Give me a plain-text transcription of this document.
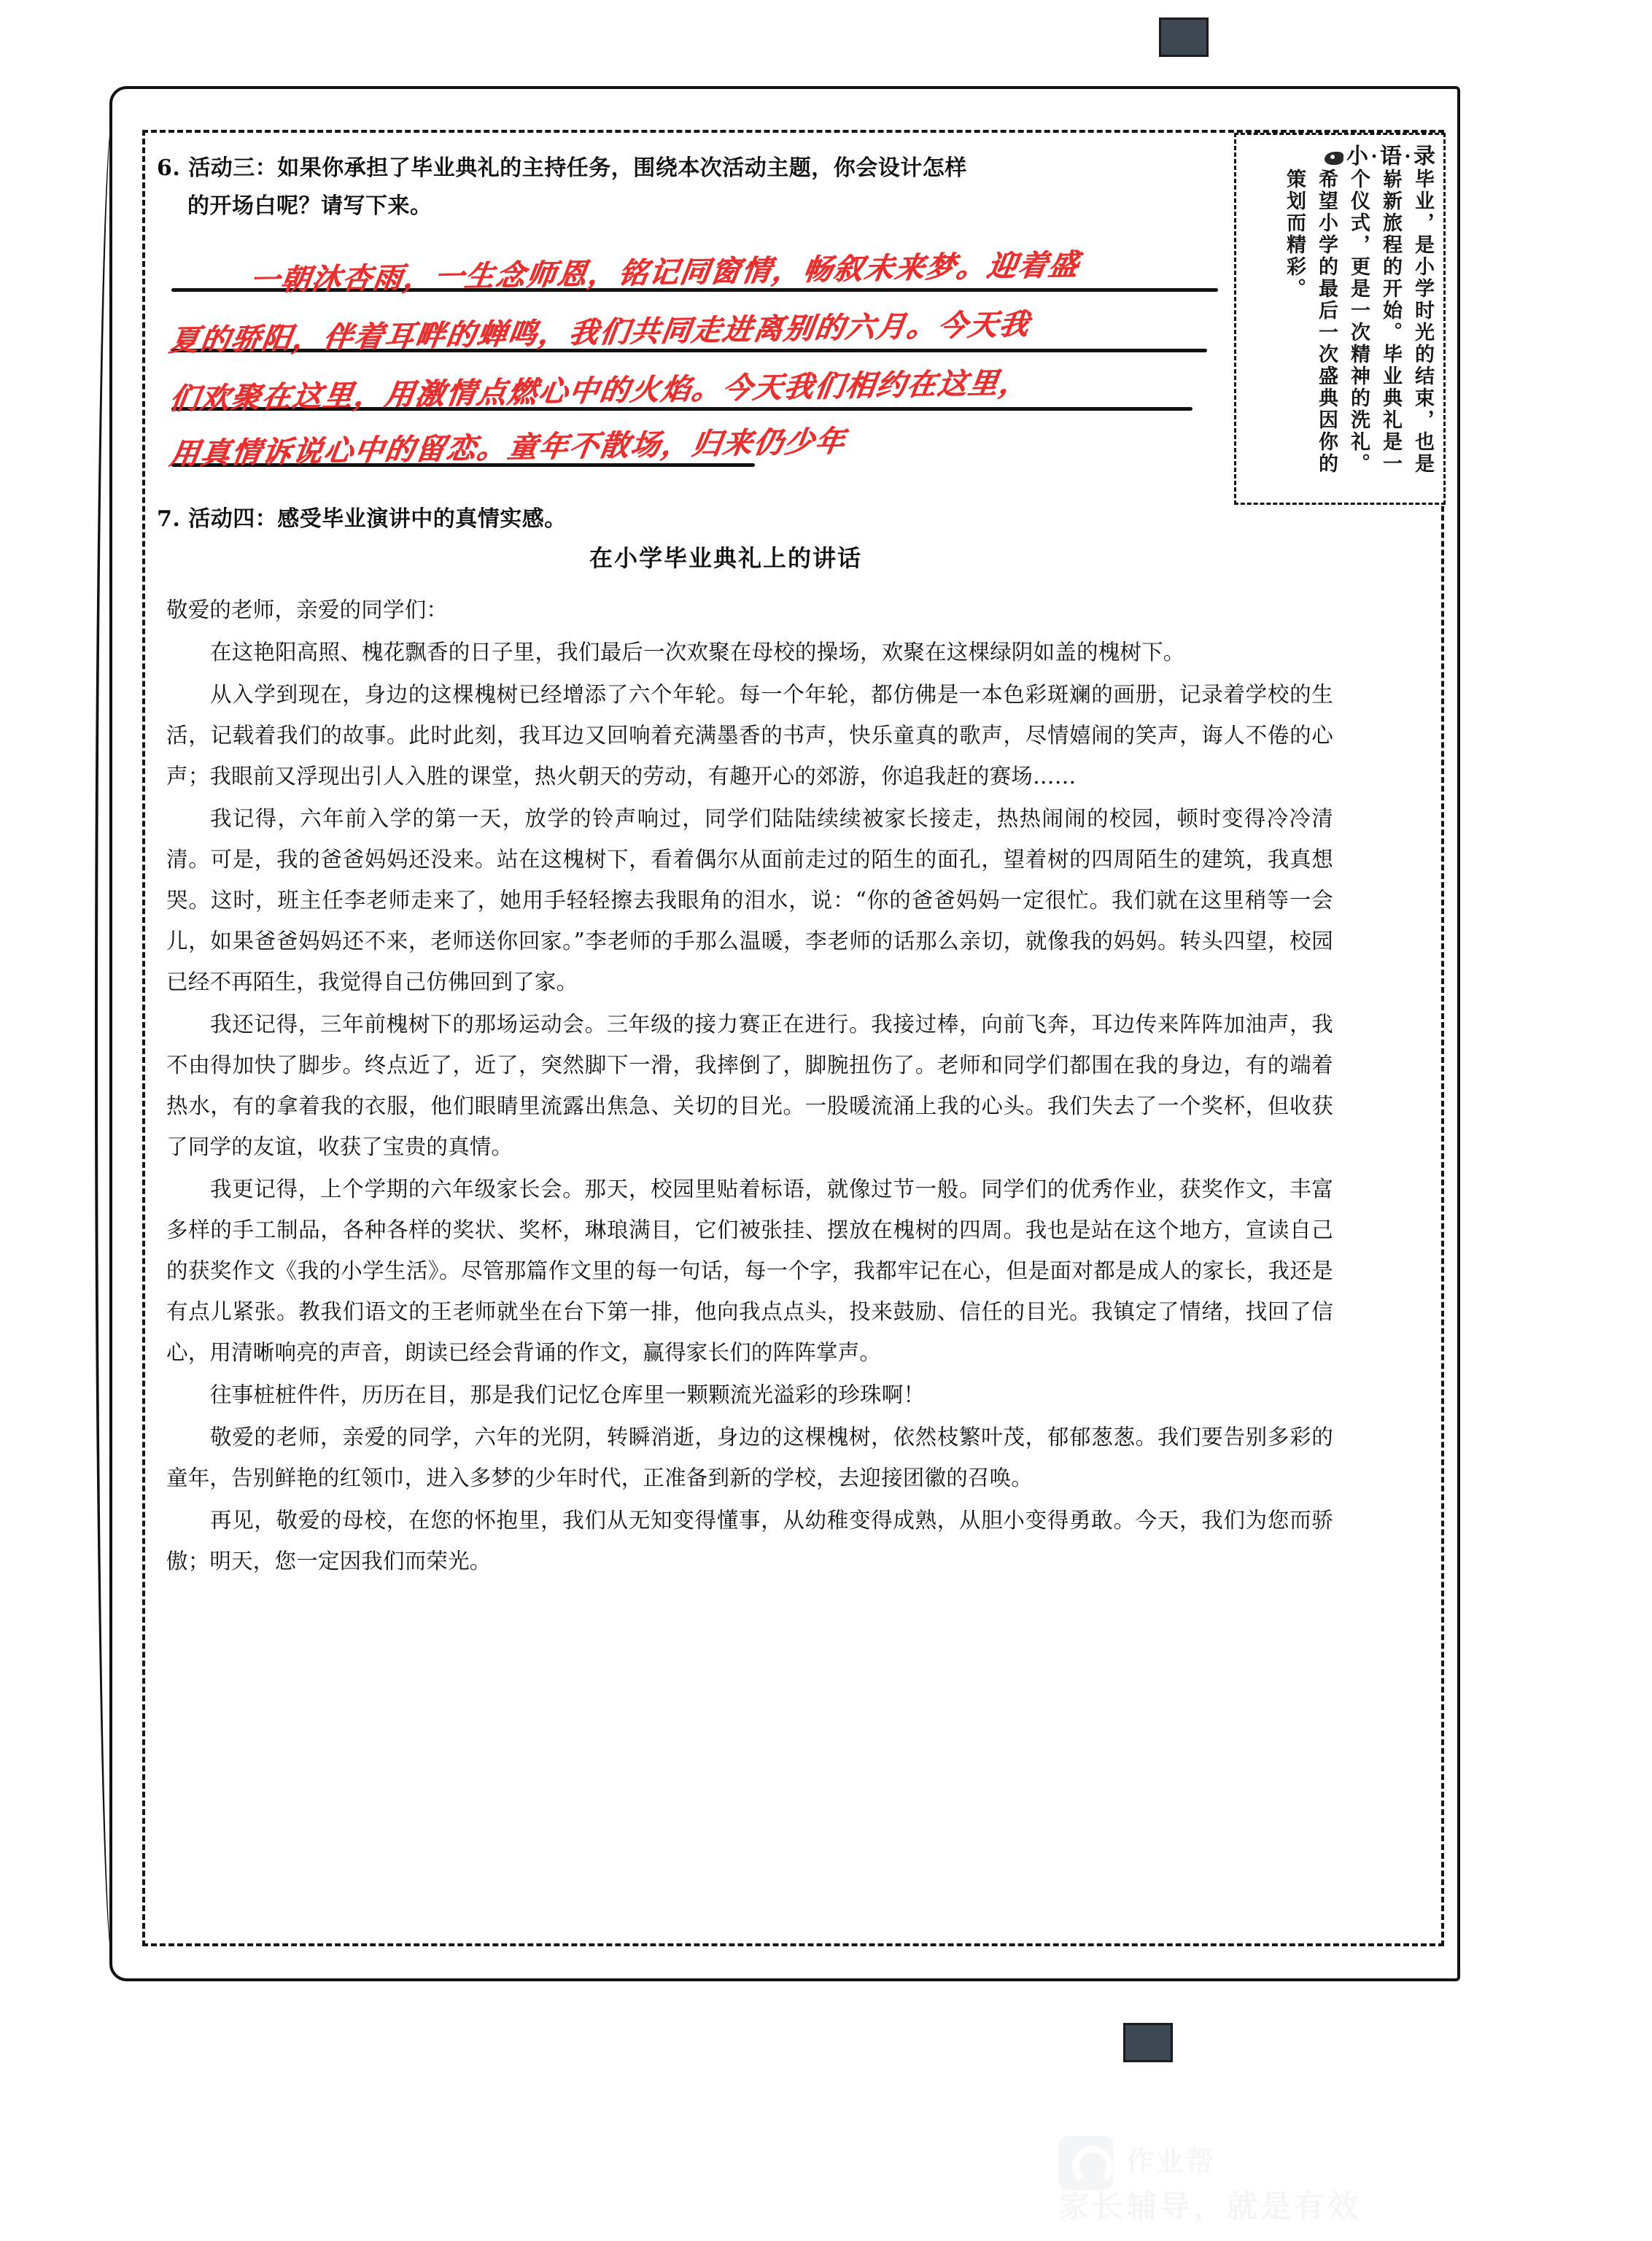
6. 活动三：如果你承担了毕业典礼的主持任务，围绕本次活动主题，你会设计怎样
的开场白呢？请写下来。
一朝沐杏雨，一生念师恩，铭记同窗情，畅叙未来梦。迎着盛
夏的骄阳，伴着耳畔的蝉鸣，我们共同走进离别的六月。今天我
们欢聚在这里，用激情点燃心中的火焰。今天我们相约在这里，
用真情诉说心中的留恋。童年不散场，归来仍少年
小·语·录
毕业，是小学时光的结束，也是崭新旅程的开始。毕业典礼是一个仪式，更是一次精神的洗礼。希望小学的最后一次盛典因你的策划而精彩。
7. 活动四：感受毕业演讲中的真情实感。
在小学毕业典礼上的讲话

敬爱的老师，亲爱的同学们：

在这艳阳高照、槐花飘香的日子里，我们最后一次欢聚在母校的操场，欢聚在这棵绿阴如盖的槐树下。

从入学到现在，身边的这棵槐树已经增添了六个年轮。每一个年轮，都仿佛是一本色彩斑斓的画册，记录着学校的生活，记载着我们的故事。此时此刻，我耳边又回响着充满墨香的书声，快乐童真的歌声，尽情嬉闹的笑声，诲人不倦的心声；我眼前又浮现出引人入胜的课堂，热火朝天的劳动，有趣开心的郊游，你追我赶的赛场……

我记得，六年前入学的第一天，放学的铃声响过，同学们陆陆续续被家长接走，热热闹闹的校园，顿时变得冷冷清清。可是，我的爸爸妈妈还没来。站在这槐树下，看着偶尔从面前走过的陌生的面孔，望着树的四周陌生的建筑，我真想哭。这时，班主任李老师走来了，她用手轻轻擦去我眼角的泪水，说：“你的爸爸妈妈一定很忙。我们就在这里稍等一会儿，如果爸爸妈妈还不来，老师送你回家。”李老师的手那么温暖，李老师的话那么亲切，就像我的妈妈。转头四望，校园已经不再陌生，我觉得自己仿佛回到了家。

我还记得，三年前槐树下的那场运动会。三年级的接力赛正在进行。我接过棒，向前飞奔，耳边传来阵阵加油声，我不由得加快了脚步。终点近了，近了，突然脚下一滑，我摔倒了，脚腕扭伤了。老师和同学们都围在我的身边，有的端着热水，有的拿着我的衣服，他们眼睛里流露出焦急、关切的目光。一股暖流涌上我的心头。我们失去了一个奖杯，但收获了同学的友谊，收获了宝贵的真情。

我更记得，上个学期的六年级家长会。那天，校园里贴着标语，就像过节一般。同学们的优秀作业，获奖作文，丰富多样的手工制品，各种各样的奖状、奖杯，琳琅满目，它们被张挂、摆放在槐树的四周。我也是站在这个地方，宣读自己的获奖作文《我的小学生活》。尽管那篇作文里的每一句话，每一个字，我都牢记在心，但是面对都是成人的家长，我还是有点儿紧张。教我们语文的王老师就坐在台下第一排，他向我点点头，投来鼓励、信任的目光。我镇定了情绪，找回了信心，用清晰响亮的声音，朗读已经会背诵的作文，赢得家长们的阵阵掌声。

往事桩桩件件，历历在目，那是我们记忆仓库里一颗颗流光溢彩的珍珠啊！

敬爱的老师，亲爱的同学，六年的光阴，转瞬消逝，身边的这棵槐树，依然枝繁叶茂，郁郁葱葱。我们要告别多彩的童年，告别鲜艳的红领巾，进入多梦的少年时代，正准备到新的学校，去迎接团徽的召唤。

再见，敬爱的母校，在您的怀抱里，我们从无知变得懂事，从幼稚变得成熟，从胆小变得勇敢。今天，我们为您而骄傲；明天，您一定因我们而荣光。
